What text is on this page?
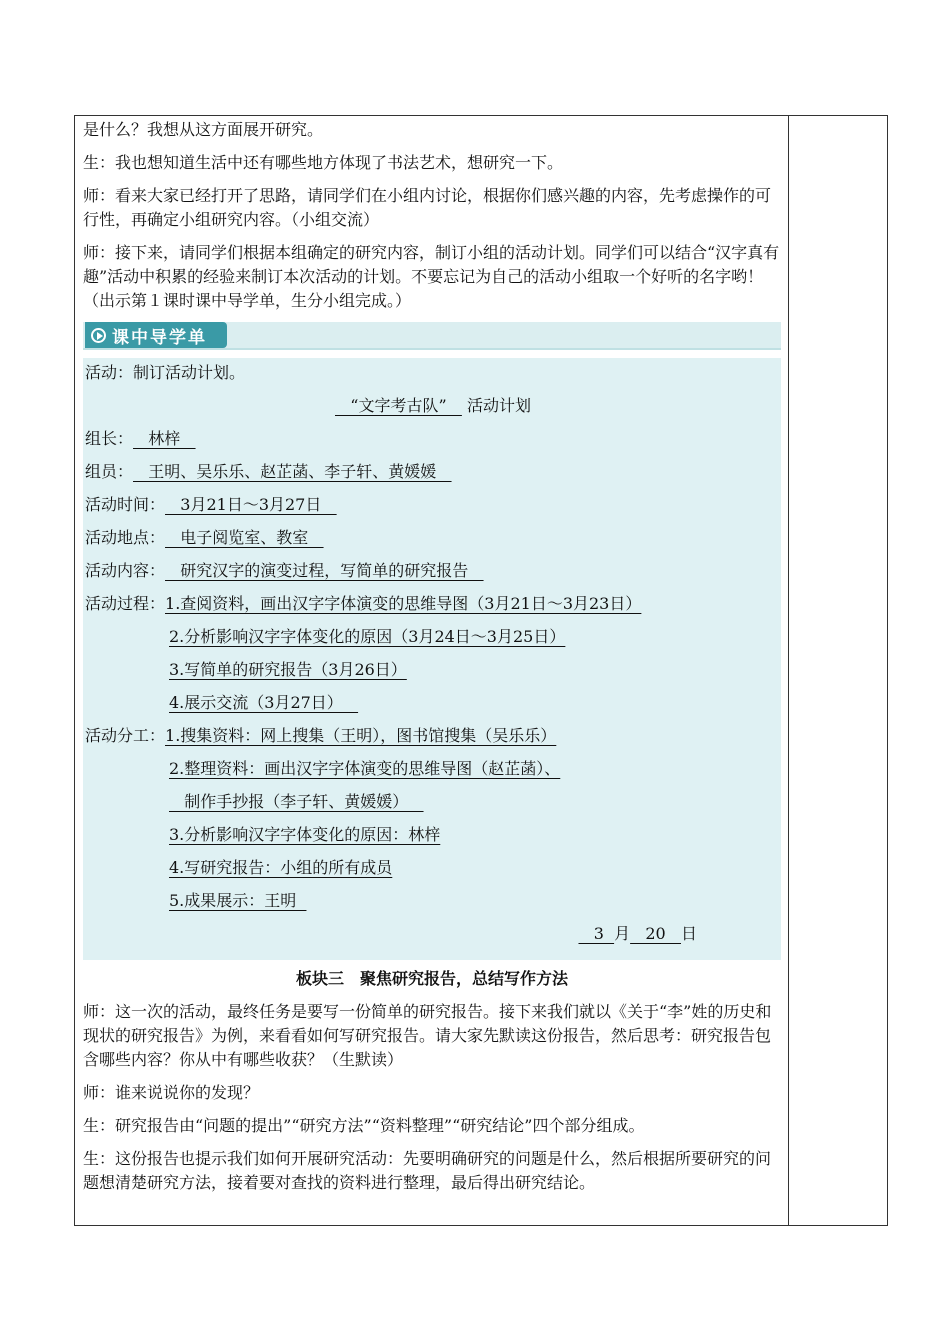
是什么？我想从这方面展开研究。

生：我也想知道生活中还有哪些地方体现了书法艺术，想研究一下。

师：看来大家已经打开了思路，请同学们在小组内讨论，根据你们感兴趣的内容，先考虑操作的可行性，再确定小组研究内容。（小组交流）

师：接下来，请同学们根据本组确定的研究内容，制订小组的活动计划。同学们可以结合“汉字真有趣”活动中积累的经验来制订本次活动的计划。不要忘记为自己的活动小组取一个好听的名字哟！（出示第１课时课中导学单，生分小组完成。）

课中导学单
活动：制订活动计划。
“文字考古队”    活动计划
组长：   林梓
组员：   王明、吴乐乐、赵芷菡、李子轩、黄媛媛
活动时间：   3月21日～3月27日
活动地点：   电子阅览室、教室
活动内容：   研究汉字的演变过程，写简单的研究报告
活动过程：1.查阅资料，画出汉字字体演变的思维导图（3月21日～3月23日）
2.分析影响汉字字体变化的原因（3月24日～3月25日）
3.写简单的研究报告（3月26日）
4.展示交流（3月27日）
活动分工：1.搜集资料：网上搜集（王明），图书馆搜集（吴乐乐）
2.整理资料：画出汉字字体演变的思维导图（赵芷菡）、
制作手抄报（李子轩、黄媛媛）
3.分析影响汉字字体变化的原因：林梓
4.写研究报告：小组的所有成员
5.成果展示：王明
3  月   20   日
板块三　聚焦研究报告，总结写作方法

师：这一次的活动，最终任务是要写一份简单的研究报告。接下来我们就以《关于“李”姓的历史和现状的研究报告》为例，来看看如何写研究报告。请大家先默读这份报告，然后思考：研究报告包含哪些内容？你从中有哪些收获？（生默读）

师：谁来说说你的发现？

生：研究报告由“问题的提出”“研究方法”“资料整理”“研究结论”四个部分组成。

生：这份报告也提示我们如何开展研究活动：先要明确研究的问题是什么，然后根据所要研究的问题想清楚研究方法，接着要对查找的资料进行整理，最后得出研究结论。
